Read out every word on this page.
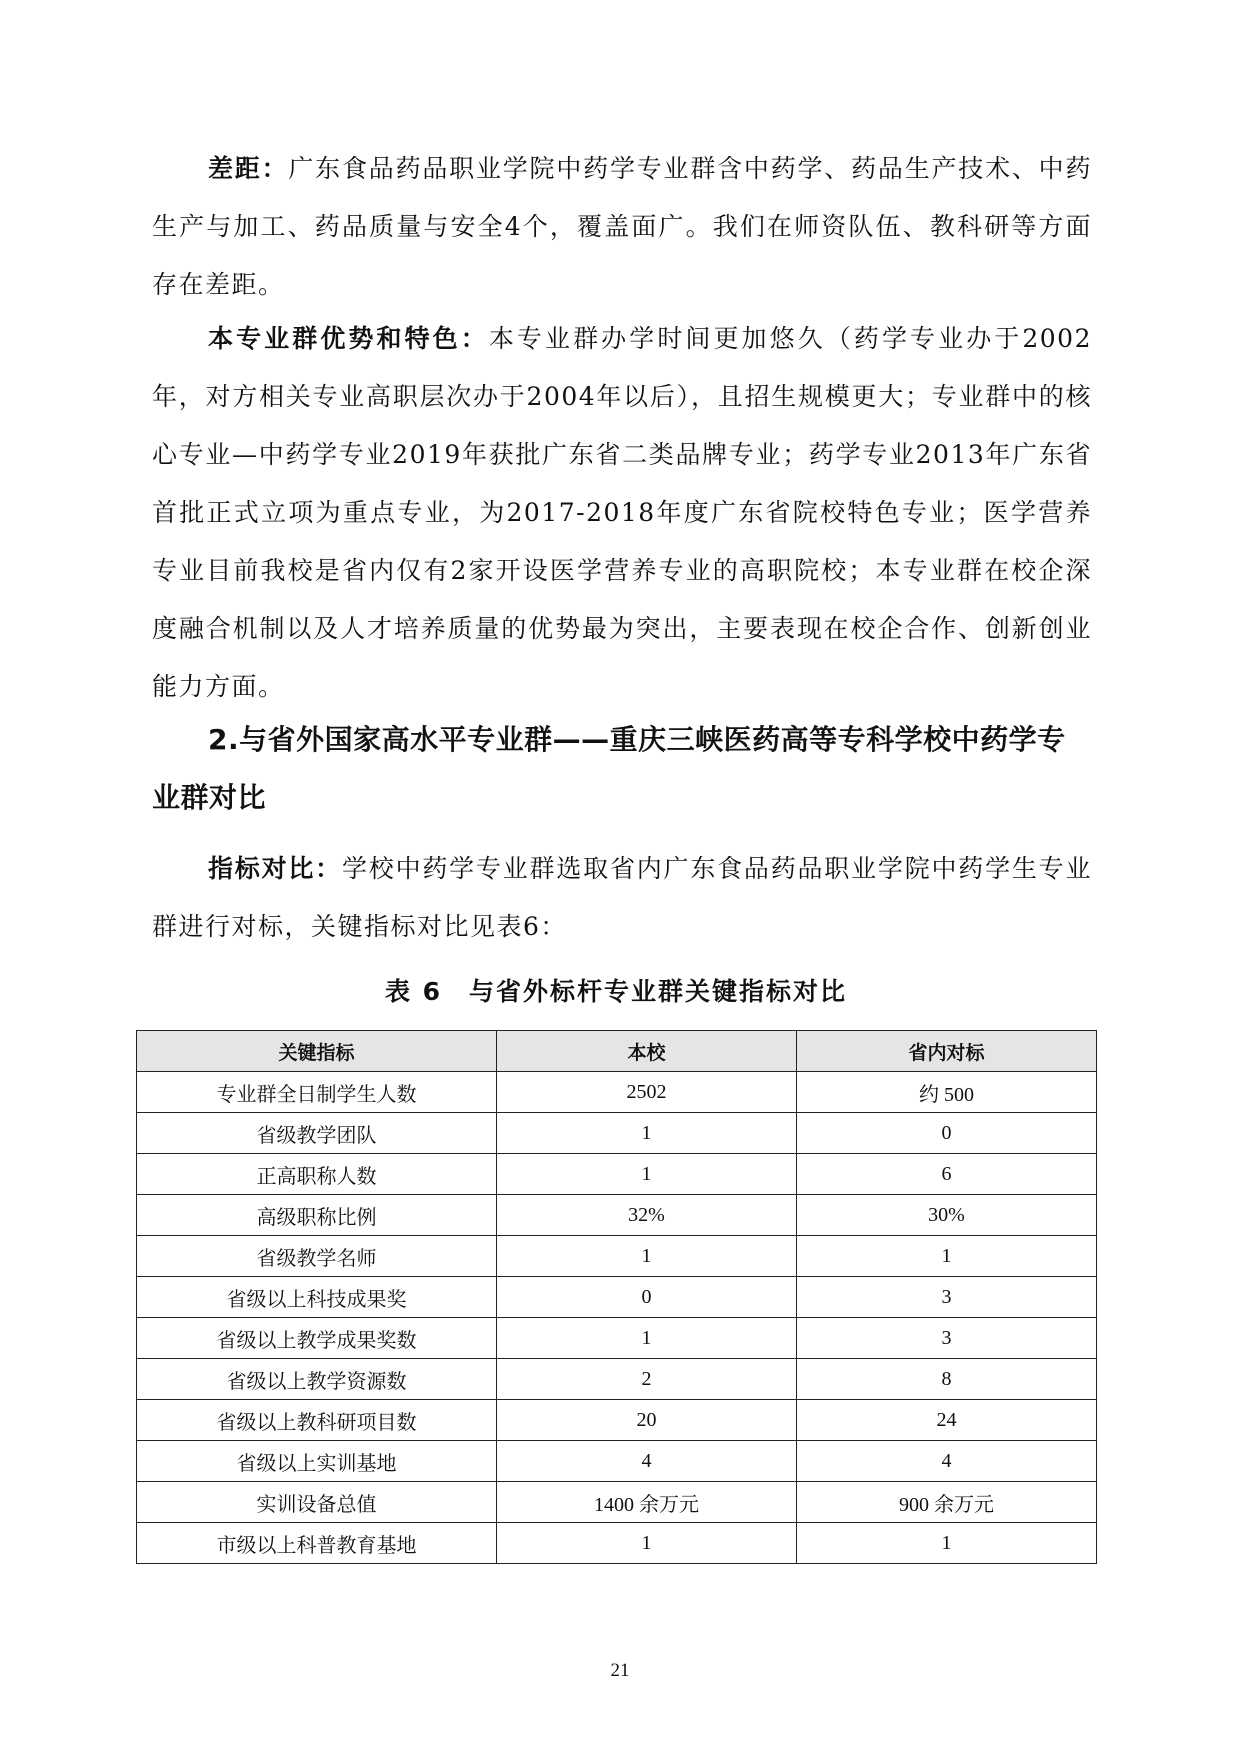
差距：广东食品药品职业学院中药学专业群含中药学、药品生产技术、中药生产与加工、药品质量与安全4个，覆盖面广。我们在师资队伍、教科研等方面存在差距。

本专业群优势和特色：本专业群办学时间更加悠久（药学专业办于2002年，对方相关专业高职层次办于2004年以后），且招生规模更大；专业群中的核心专业—中药学专业2019年获批广东省二类品牌专业；药学专业2013年广东省首批正式立项为重点专业，为2017-2018年度广东省院校特色专业；医学营养专业目前我校是省内仅有2家开设医学营养专业的高职院校；本专业群在校企深度融合机制以及人才培养质量的优势最为突出，主要表现在校企合作、创新创业能力方面。

2.与省外国家高水平专业群——重庆三峡医药高等专科学校中药学专业群对比

指标对比：学校中药学专业群选取省内广东食品药品职业学院中药学生专业群进行对标，关键指标对比见表6：

表 6　与省外标杆专业群关键指标对比

关键指标	本校	省内对标
专业群全日制学生人数	2502	约 500
省级教学团队	1	0
正高职称人数	1	6
高级职称比例	32%	30%
省级教学名师	1	1
省级以上科技成果奖	0	3
省级以上教学成果奖数	1	3
省级以上教学资源数	2	8
省级以上教科研项目数	20	24
省级以上实训基地	4	4
实训设备总值	1400 余万元	900 余万元
市级以上科普教育基地	1	1
21
